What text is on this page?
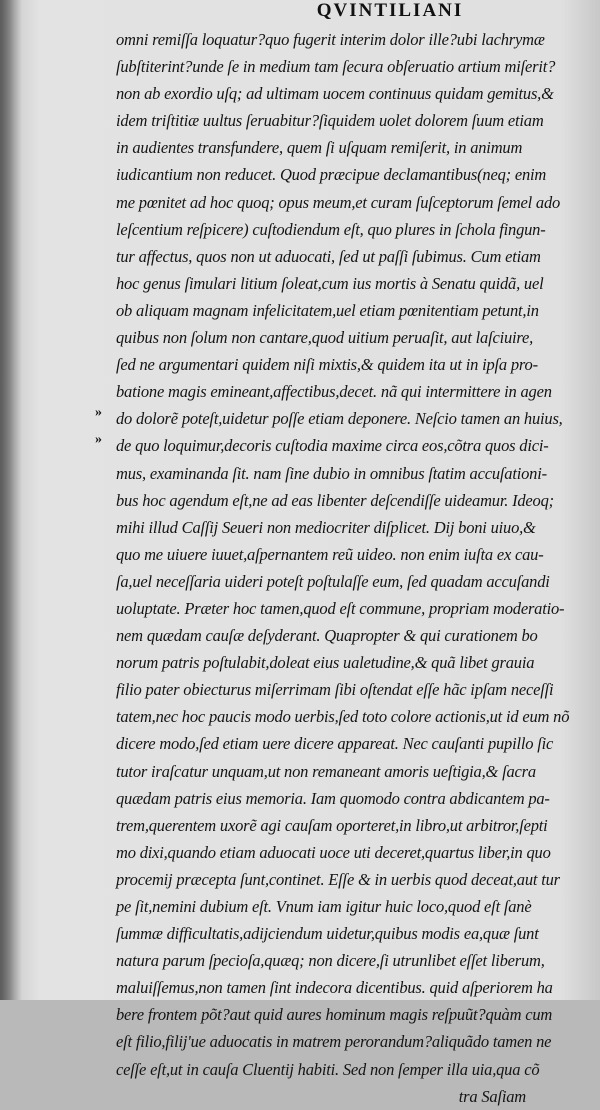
QVINTILIANI
»
»
omni remiſſa loquatur?quo fugerit interim dolor ille?ubi lachrymæ
ſubſtiterint?unde ſe in medium tam ſecura obſeruatio artium miſerit?
non ab exordio uſq; ad ultimam uocem continuus quidam gemitus,&
idem triſtitiæ uultus ſeruabitur?ſiquidem uolet dolorem ſuum etiam
in audientes transfundere, quem ſi uſquam remiſerit, in animum
iudicantium non reducet. Quod præcipue declamantibus(neq; enim
me pœnitet ad hoc quoq; opus meum,et curam ſuſceptorum ſemel ado
leſcentium reſpicere) cuſtodiendum eſt, quo plures in ſchola fingun-
tur affectus, quos non ut aduocati, ſed ut paſſi ſubimus. Cum etiam
hoc genus ſimulari litium ſoleat,cum ius mortis à Senatu quidã, uel
ob aliquam magnam infelicitatem,uel etiam pœnitentiam petunt,in
quibus non ſolum non cantare,quod uitium peruaſit, aut laſciuire,
ſed ne argumentari quidem niſi mixtis,& quidem ita ut in ipſa pro-
batione magis emineant,affectibus,decet. nã qui intermittere in agen
do dolorẽ poteſt,uidetur poſſe etiam deponere. Neſcio tamen an huius,
de quo loquimur,decoris cuſtodia maxime circa eos,cõtra quos dici-
mus, examinanda ſit. nam ſine dubio in omnibus ſtatim accuſationi-
bus hoc agendum eſt,ne ad eas libenter deſcendiſſe uideamur. Ideoq;
mihi illud Caſſij Seueri non mediocriter diſplicet. Dij boni uiuo,&
quo me uiuere iuuet,aſpernantem reũ uideo. non enim iuſta ex cau-
ſa,uel neceſſaria uideri poteſt poſtulaſſe eum, ſed quadam accuſandi
uoluptate. Præter hoc tamen,quod eſt commune, propriam moderatio-
nem quædam cauſæ deſyderant. Quapropter & qui curationem bo
norum patris poſtulabit,doleat eius ualetudine,& quã libet grauia
filio pater obiecturus miſerrimam ſibi oſtendat eſſe hãc ipſam neceſſi
tatem,nec hoc paucis modo uerbis,ſed toto colore actionis,ut id eum nõ
dicere modo,ſed etiam uere dicere appareat. Nec cauſanti pupillo ſic
tutor iraſcatur unquam,ut non remaneant amoris ueſtigia,& ſacra
quædam patris eius memoria. Iam quomodo contra abdicantem pa-
trem,querentem uxorẽ agi cauſam oporteret,in libro,ut arbitror,ſepti
mo dixi,quando etiam aduocati uoce uti deceret,quartus liber,in quo
procemij præcepta ſunt,continet. Eſſe & in uerbis quod deceat,aut tur
pe ſit,nemini dubium eſt. Vnum iam igitur huic loco,quod eſt ſanè
ſummæ difficultatis,adijciendum uidetur,quibus modis ea,quæ ſunt
natura parum ſpecioſa,quæq; non dicere,ſi utrunlibet eſſet liberum,
maluiſſemus,non tamen ſint indecora dicentibus. quid aſperiorem ha
bere frontem põt?aut quid aures hominum magis reſpuũt?quàm cum
eſt filio,filij'ue aduocatis in matrem perorandum?aliquãdo tamen ne
ceſſe eſt,ut in cauſa Cluentij habiti. Sed non ſemper illa uia,qua cõ
tra Saſiam
